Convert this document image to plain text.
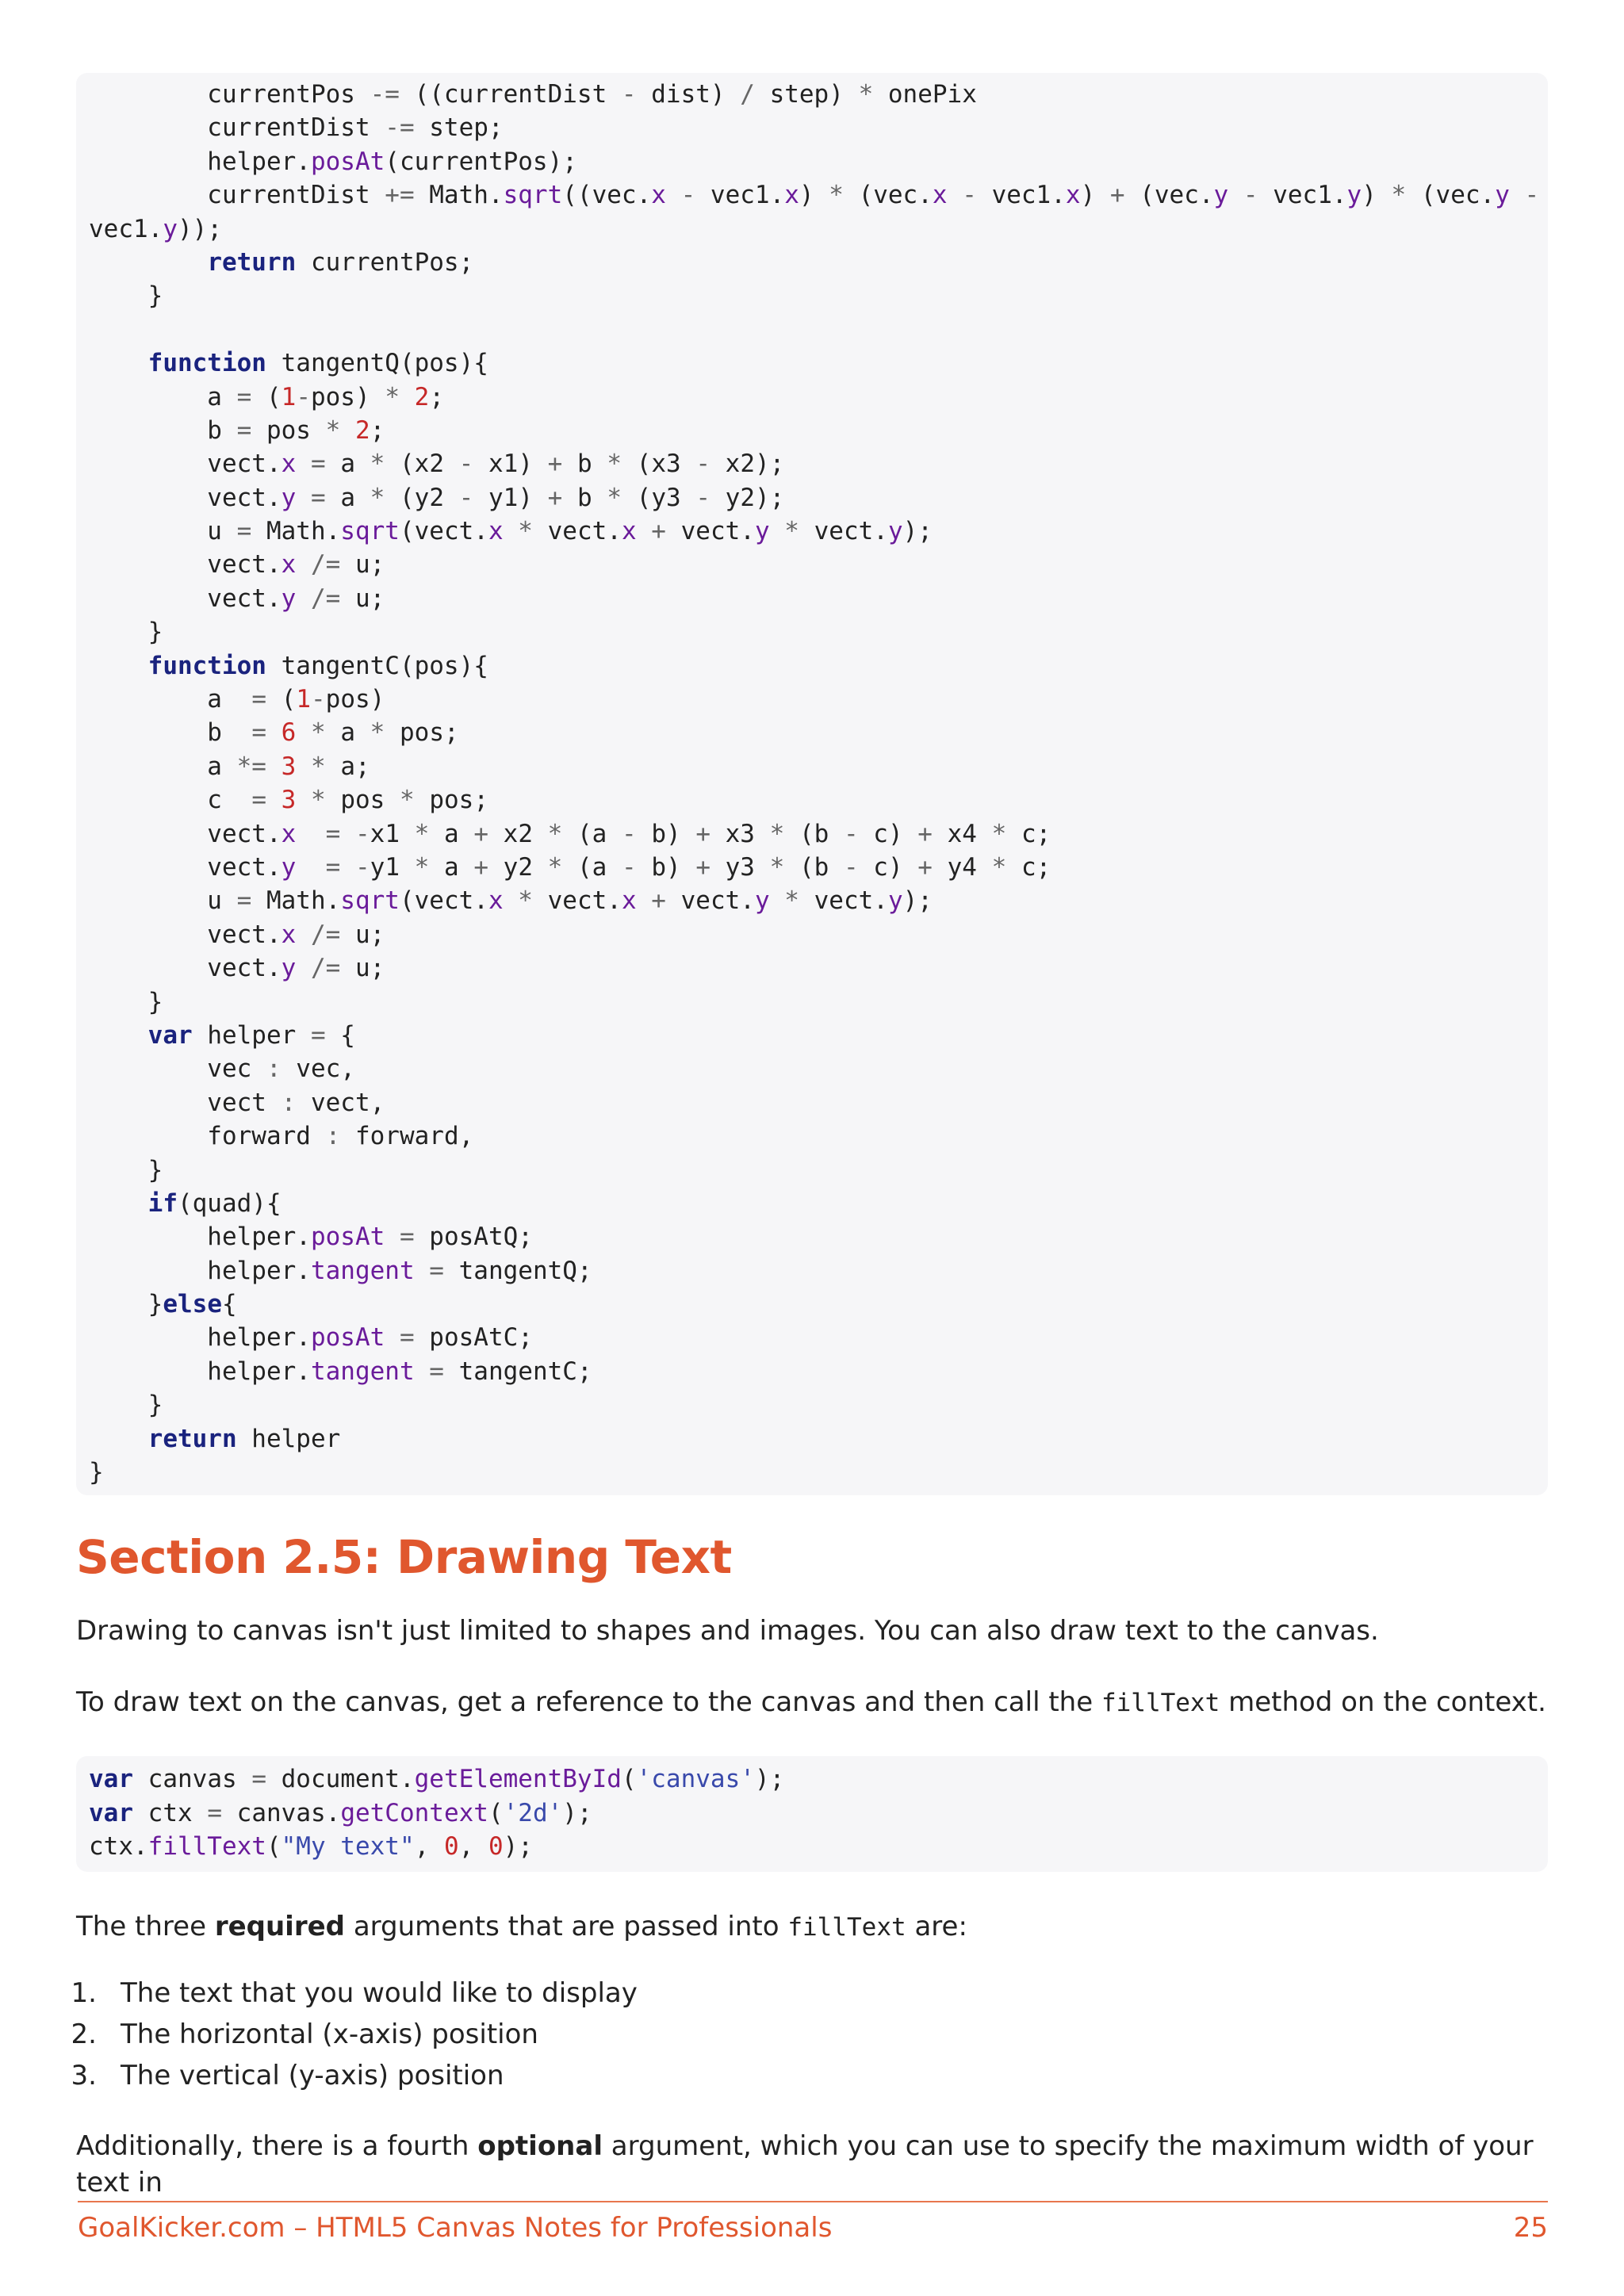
currentPos -= ((currentDist - dist) / step) * onePix
currentDist -= step;
helper.posAt(currentPos);
currentDist += Math.sqrt((vec.x - vec1.x) * (vec.x - vec1.x) + (vec.y - vec1.y) * (vec.y -
vec1.y));
return currentPos;
}
function tangentQ(pos){
a = (1-pos) * 2;
b = pos * 2;
vect.x = a * (x2 - x1) + b * (x3 - x2);
vect.y = a * (y2 - y1) + b * (y3 - y2);
u = Math.sqrt(vect.x * vect.x + vect.y * vect.y);
vect.x /= u;
vect.y /= u;
}
function tangentC(pos){
a  = (1-pos)
b  = 6 * a * pos;
a *= 3 * a;
c  = 3 * pos * pos;
vect.x = -x1 * a + x2 * (a - b) + x3 * (b - c) + x4 * c;
vect.y = -y1 * a + y2 * (a - b) + y3 * (b - c) + y4 * c;
u = Math.sqrt(vect.x * vect.x + vect.y * vect.y);
vect.x /= u;
vect.y /= u;
}
var helper = {
vec : vec,
vect : vect,
forward : forward,
}
if(quad){
helper.posAt = posAtQ;
helper.tangent = tangentQ;
}else{
helper.posAt = posAtC;
helper.tangent = tangentC;
}
return helper
}
Section 2.5: Drawing Text

Drawing to canvas isn't just limited to shapes and images. You can also draw text to the canvas.

To draw text on the canvas, get a reference to the canvas and then call the fillText method on the context.

var canvas = document.getElementById('canvas');
var ctx = canvas.getContext('2d');
ctx.fillText("My text", 0, 0);

The three required arguments that are passed into fillText are:

1. The text that you would like to display
2. The horizontal (x-axis) position
3. The vertical (y-axis) position

Additionally, there is a fourth optional argument, which you can use to specify the maximum width of your text in

GoalKicker.com – HTML5 Canvas Notes for Professionals	25
